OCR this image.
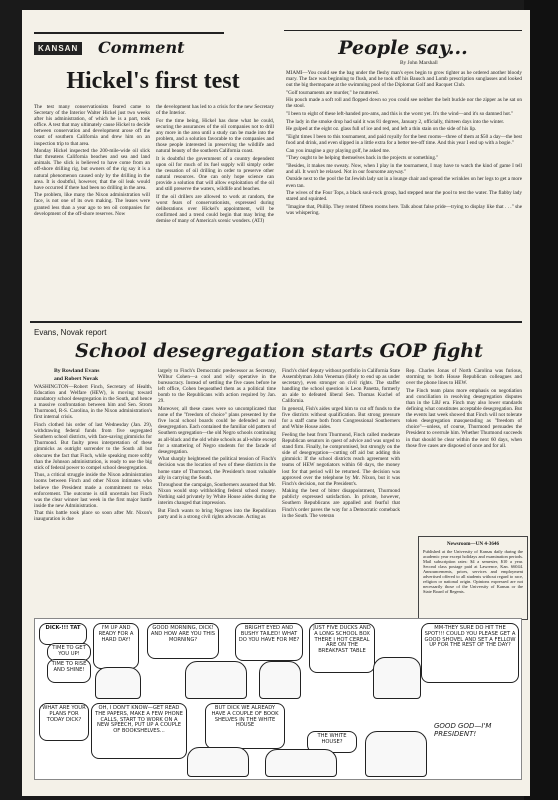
KANSAN Comment
Hickel's first test

The test many conservationists feared came to Secretary of the Interior Walter Hickel just two weeks after his administration, of which he is a part, took office. A test that may ultimately cause Hickel to decide between conservation and development arose off the coast of southern California and drew him on an inspection trip to that area.

Monday Hickel inspected the 200-mile-wide oil slick that threatens California beaches and sea and land animals. The slick is believed to have come from an off-shore drilling rig, but owners of the rig say it is a natural phenomenon caused only by the drilling in the area. It is doubtful, however, that the oil leak would have occurred if there had been no drilling in the area.

The problem, like many the Nixon administration will face, is not one of its own making. The leases were granted less than a year ago to ten oil companies for development of the off-shore reserves. Now

the development has led to a crisis for the new Secretary of the Interior.

For the time being, Hickel has done what he could, securing the assurances of the oil companies not to drill any more in the area until a study can be made into the problem, and a solution favorable to the companies and those people interested in preserving the wildlife and natural beauty of the southern California coast.

It is doubtful the government of a country dependent upon oil for much of its fuel supply will simply order the cessation of oil drilling in order to preserve other natural resources. One can only hope science can provide a solution that will allow exploitation of the oil and still preserve the waters, wildlife and beaches.

If the oil drillers are allowed to work at random, the worst fears of conservationists, expressed during deliberations over Hickel's appointment, will be confirmed and a trend could begin that may bring the demise of many of America's scenic wonders. (ATJ)

People say...
By John Marshall

MIAMI—You could see the bag under the fleshy man's eyes begin to grow tighter as he ordered another bloody mary. The face was beginning to flush, and he took off his Bausch and Lomb prescription sunglasses and looked out the big thermopane at the swimming pool of the Diplomat Golf and Racquet Club.

"Golf tournaments are murder," he muttered.

His pouch made a soft roll and flopped down so you could see neither the belt buckle nor the zipper as he sat on the stool.

"I been to eight of these left-handed pro-ams, and this is the worst yet. It's the wind—and it's so damned hot."

The lady in the smoke drop had said it was 81 degrees, January 2, officially, thirteen days into the winter.

He gulped at the eight oz. glass full of ice and red, and left a thin stain on the side of his lip.

"Eight times I been to this tournament, and paid royally for the best rooms—three of them at $50 a day—the best food and drink, and even slipped in a little extra for a better tee-off time. And this year I end up with a bogie."

Can you imagine a guy playing golf, he asked me.

"They ought to be helping themselves back in the projects or something."

"Besides, it makes me sweaty. Now, when I play in the tournament, I may have to watch the kind of game I tell and all. It won't be relaxed. Not in our foursome anyway."

Outside next to the pool the fat Jewish lady sat in a lounge chair and spread the wrinkles on her legs to get a more even tan.

The wives of the Four Tops, a black soul-rock group, had stepped near the pool to test the water. The flabby lady stared and squinted.

"Imagine that, Phillip. They rented fifteen rooms here. Talk about false pride—trying to display like that . . ." she was whispering.

Evans, Novak report
School desegregation starts GOP fight
By Rowland Evans
and Robert Novak

WASHINGTON—Robert Finch, Secretary of Health, Education and Welfare (HEW), is moving toward mandatory school desegregation in the South, and hence a massive confrontation between him and Sen. Strom Thurmond, R-S. Carolina, in the Nixon administration's first internal crisis.

Finch clothed his order of last Wednesday (Jan. 29), withdrawing federal funds from five segregated Southern school districts, with face-saving gimmicks for Thurmond. But faulty press interpretation of these gimmicks as outright surrender to the South all but obscures the fact that Finch, while speaking more softly than the Johnson administration, is ready to use the big stick of federal power to compel school desegregation.

Thus, a critical struggle inside the Nixon administration looms between Finch and other Nixon intimates who believe the President made a commitment to relax enforcement. The outcome is still uncertain but Finch was the clear winner last week in the first major battle inside the new Administration.

That this battle took place so soon after Mr. Nixon's inauguration is due

largely to Finch's Democratic predecessor as Secretary, Wilbur Cohen—a cool and wily operative in the bureaucracy. Instead of settling the five cases before he left office, Cohen bequeathed them as a political time bomb to the Republicans with action required by Jan. 29.

Moreover, all these cases were so uncomplicated that none of the "freedom of choice" plans presented by the five local school boards could be defended as real desegregation. Each contained the familiar old pattern of Southern segregation—the old Negro schools continuing as all-black and the old white schools as all-white except for a smattering of Negro students for the facade of desegregation.

What sharply heightened the political tension of Finch's decision was the location of two of these districts in the home state of Thurmond, the President's most valuable ally in carrying the South.

Throughout the campaign, Southerners assumed that Mr. Nixon would stop withholding federal school money. Nothing said privately by White House aides during the interim changed that impression.

But Finch wants to bring Negroes into the Republican party and is a strong civil rights advocate. Acting as

Finch's chief deputy without portfolio in California State Assemblyman John Veneman (likely to end up as under secretary), even stronger on civil rights. The staffer handling the school question is Leon Panetta, formerly an aide to defeated liberal Sen. Thomas Kuchel of California.

In general, Fish's aides urged him to cut off funds to the five districts without qualification. But strong pressure for a staff came both from Congressional Southerners and White House aides.

Feeling the heat from Thurmond, Finch called moderate Republican senators in quest of advice and was urged to stand firm. Finally, he compromised, but strongly on the side of desegregation—cutting off aid but adding this gimmick: If the school districts reach agreement with teams of HEW negotiators within 60 days, the money lost for that period will be returned. The decision was approved over the telephone by Mr. Nixon, but it was Finch's decision, not the President's.

Making the best of bitter disappointment, Thurmond publicly expressed satisfaction. In private, however, Southern Republicans are appalled and fearful that Finch's order paves the way for a Democratic comeback in the South. The veteran

Rep. Charles Jonas of North Carolina was furious, storming to both House Republican colleagues and over the phone lines to HEW.

The Finch team plans more emphasis on negotiation and conciliation in resolving desegregation disputes than in the LBJ era. Finch may also lower standards defining what constitutes acceptable desegregation. But the events last week showed that Finch will not tolerate token desegregation masquerading as "freedom of choice"—unless, of course, Thurmond persuades the President to overrule him. Whether Thurmond succeeds in that should be clear within the next 60 days, when those five cases are disposed of once and for all.

Newsroom—UN 4-3646

Published at the University of Kansas daily during the academic year except holidays and examination periods. Mail subscription rates: $4 a semester, $10 a year. Second class postage paid at Lawrence, Kan. 66044. Announcements, prices, services and employment advertised offered to all students without regard to race, religion or national origin. Opinions expressed are not necessarily those of the University of Kansas or the State Board of Regents.

DICK-!!! TAT
TIME TO GET YOU UP!
TIME TO RISE AND SHINE!
I'M UP AND READY FOR A HARD DAY!
GOOD MORNING, DICK! AND HOW ARE YOU THIS MORNING?
BRIGHT EYED AND BUSHY TAILED! WHAT DO YOU HAVE FOR ME?
JUST FIVE DUCKS AND A LONG SCHOOL BOX THERE I HOT CEREAL ARE ON THE BREAKFAST TABLE
MM-THEY SURE DO HIT THE SPOT!!! COULD YOU PLEASE GET A GOOD SHOVEL AND SET A FELLOW UP FOR THE REST OF THE DAY?
WHAT ARE YOUR PLANS FOR TODAY DICK?
OH, I DON'T KNOW—GET READ THE PAPERS, MAKE A FEW PHONE CALLS, START TO WORK ON A NEW SPEECH, PUT UP A COUPLE OF BOOKSHELVES...
BUT DICK WE ALREADY HAVE A COUPLE OF BOOK SHELVES IN THE WHITE HOUSE
THE WHITE HOUSE?
GOOD GOD—I'M PRESIDENT!
